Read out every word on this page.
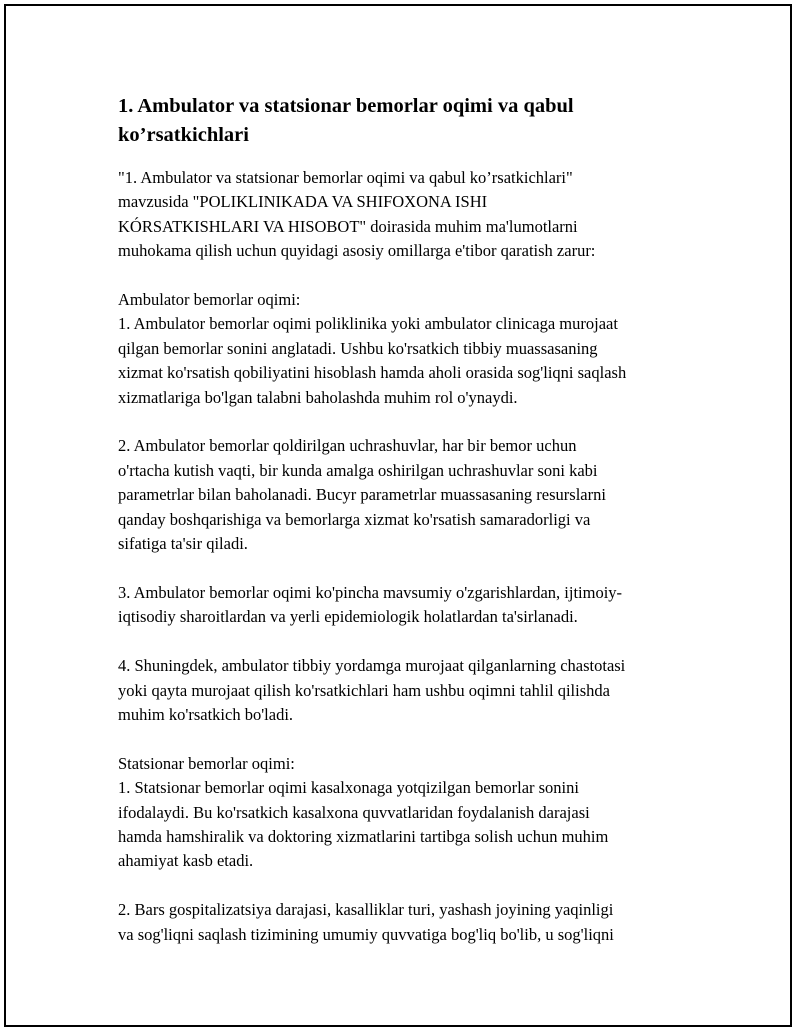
1. Ambulator va statsionar bemorlar oqimi va qabul ko’rsatkichlari

"1. Ambulator va statsionar bemorlar oqimi va qabul ko’rsatkichlari"
mavzusida "POLIKLINIKADA VA SHIFOXONA ISHI
KÓRSATKISHLARI VA HISOBOT" doirasida muhim ma'lumotlarni
muhokama qilish uchun quyidagi asosiy omillarga e'tibor qaratish zarur:

Ambulator bemorlar oqimi:
1. Ambulator bemorlar oqimi poliklinika yoki ambulator clinicaga murojaat
qilgan bemorlar sonini anglatadi. Ushbu ko'rsatkich tibbiy muassasaning
xizmat ko'rsatish qobiliyatini hisoblash hamda aholi orasida sog'liqni saqlash
xizmatlariga bo'lgan talabni baholashda muhim rol o'ynaydi.

2. Ambulator bemorlar qoldirilgan uchrashuvlar, har bir bemor uchun
o'rtacha kutish vaqti, bir kunda amalga oshirilgan uchrashuvlar soni kabi
parametrlar bilan baholanadi. Bucyr parametrlar muassasaning resurslarni
qanday boshqarishiga va bemorlarga xizmat ko'rsatish samaradorligi va
sifatiga ta'sir qiladi.

3. Ambulator bemorlar oqimi ko'pincha mavsumiy o'zgarishlardan, ijtimoiy-
iqtisodiy sharoitlardan va yerli epidemiologik holatlardan ta'sirlanadi.

4. Shuningdek, ambulator tibbiy yordamga murojaat qilganlarning chastotasi
yoki qayta murojaat qilish ko'rsatkichlari ham ushbu oqimni tahlil qilishda
muhim ko'rsatkich bo'ladi.

Statsionar bemorlar oqimi:
1. Statsionar bemorlar oqimi kasalxonaga yotqizilgan bemorlar sonini
ifodalaydi. Bu ko'rsatkich kasalxona quvvatlaridan foydalanish darajasi
hamda hamshiralik va doktoring xizmatlarini tartibga solish uchun muhim
ahamiyat kasb etadi.

2. Bars gospitalizatsiya darajasi, kasalliklar turi, yashash joyining yaqinligi
va sog'liqni saqlash tizimining umumiy quvvatiga bog'liq bo'lib, u sog'liqni
